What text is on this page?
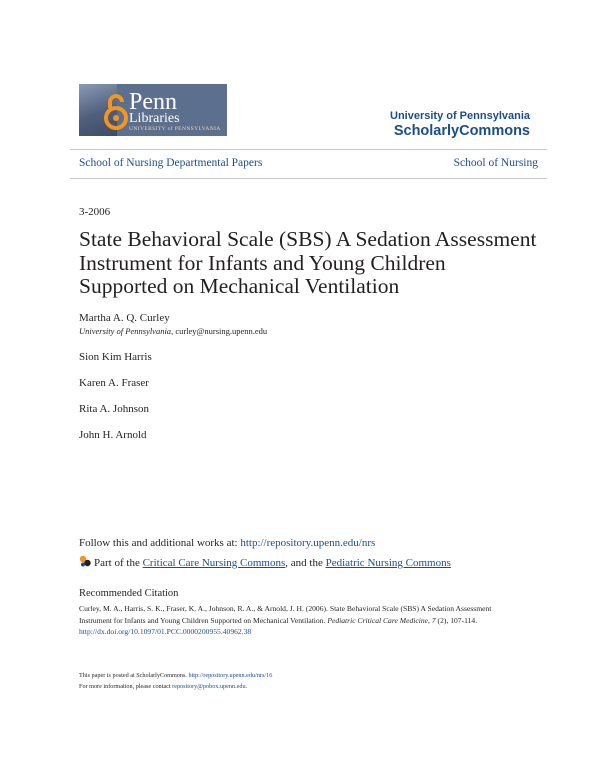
Penn
Libraries
UNIVERSITY of PENNSYLVANIA
University of Pennsylvania
ScholarlyCommons
School of Nursing Departmental Papers	School of Nursing
3-2006
State Behavioral Scale (SBS) A Sedation Assessment Instrument for Infants and Young Children Supported on Mechanical Ventilation
Martha A. Q. Curley
University of Pennsylvania, curley@nursing.upenn.edu
Sion Kim Harris
Karen A. Fraser
Rita A. Johnson
John H. Arnold
Follow this and additional works at: http://repository.upenn.edu/nrs
Part of the Critical Care Nursing Commons, and the Pediatric Nursing Commons
Recommended Citation
Curley, M. A., Harris, S. K., Fraser, K. A., Johnson, R. A., & Arnold, J. H. (2006). State Behavioral Scale (SBS) A Sedation Assessment Instrument for Infants and Young Children Supported on Mechanical Ventilation. Pediatric Critical Care Medicine, 7 (2), 107-114.
http://dx.doi.org/10.1097/01.PCC.0000200955.40962.38
This paper is posted at ScholarlyCommons. http://repository.upenn.edu/nrs/16
For more information, please contact repository@pobox.upenn.edu.
